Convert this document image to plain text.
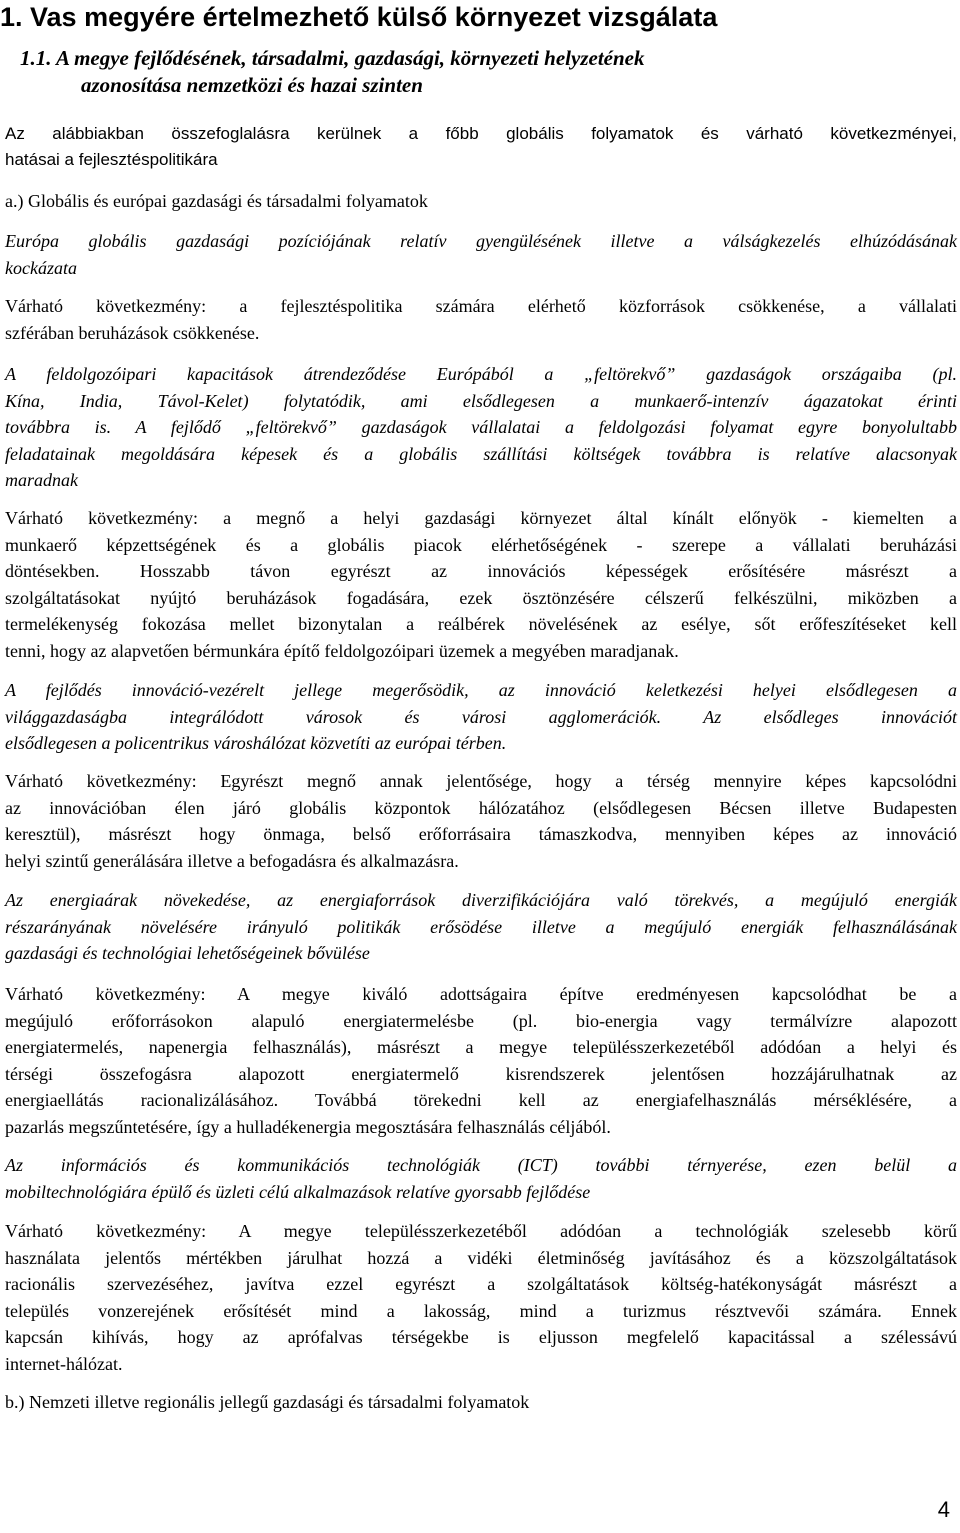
1. Vas megyére értelmezhető külső környezet vizsgálata
1.1. A megye fejlődésének, társadalmi, gazdasági, környezeti helyzetének
azonosítása nemzetközi és hazai szinten
Az alábbiakban összefoglalásra kerülnek a főbb globális folyamatok és várható következményei,
hatásai a fejlesztéspolitikára
a.) Globális és európai gazdasági és társadalmi folyamatok
Európa globális gazdasági pozíciójának relatív gyengülésének illetve a válságkezelés elhúzódásának
kockázata
Várható következmény: a fejlesztéspolitika számára elérhető közforrások csökkenése, a vállalati
szférában beruházások csökkenése.
A feldolgozóipari kapacitások átrendeződése Európából a „feltörekvő” gazdaságok országaiba (pl.
Kína, India, Távol-Kelet) folytatódik, ami elsődlegesen a munkaerő-intenzív ágazatokat érinti
továbbra is. A fejlődő „feltörekvő” gazdaságok vállalatai a feldolgozási folyamat egyre bonyolultabb
feladatainak megoldására képesek és a globális szállítási költségek továbbra is relatíve alacsonyak
maradnak
Várható következmény: a megnő a helyi gazdasági környezet által kínált előnyök - kiemelten a
munkaerő képzettségének és a globális piacok elérhetőségének - szerepe a vállalati beruházási
döntésekben. Hosszabb távon egyrészt az innovációs képességek erősítésére másrészt a
szolgáltatásokat nyújtó beruházások fogadására, ezek ösztönzésére célszerű felkészülni, miközben a
termelékenység fokozása mellet bizonytalan a reálbérek növelésének az esélye, sőt erőfeszítéseket kell
tenni, hogy az alapvetően bérmunkára építő feldolgozóipari üzemek a megyében maradjanak.
A fejlődés innováció-vezérelt jellege megerősödik, az innováció keletkezési helyei elsődlegesen a
világgazdaságba integrálódott városok és városi agglomerációk. Az elsődleges innovációt
elsődlegesen a policentrikus városhálózat közvetíti az európai térben.
Várható következmény: Egyrészt megnő annak jelentősége, hogy a térség mennyire képes kapcsolódni
az innovációban élen járó globális központok hálózatához (elsődlegesen Bécsen illetve Budapesten
keresztül), másrészt hogy önmaga, belső erőforrásaira támaszkodva, mennyiben képes az innováció
helyi szintű generálására illetve a befogadásra és alkalmazásra.
Az energiaárak növekedése, az energiaforrások diverzifikációjára való törekvés, a megújuló energiák
részarányának növelésére irányuló politikák erősödése illetve a megújuló energiák felhasználásának
gazdasági és technológiai lehetőségeinek bővülése
Várható következmény: A megye kiváló adottságaira építve eredményesen kapcsolódhat be a
megújuló erőforrásokon alapuló energiatermelésbe (pl. bio-energia vagy termálvízre alapozott
energiatermelés, napenergia felhasználás), másrészt a megye településszerkezetéből adódóan a helyi és
térségi összefogásra alapozott energiatermelő kisrendszerek jelentősen hozzájárulhatnak az
energiaellátás racionalizálásához. Továbbá törekedni kell az energiafelhasználás mérséklésére, a
pazarlás megszűntetésére, így a hulladékenergia megosztására felhasználás céljából.
Az információs és kommunikációs technológiák (ICT) további térnyerése, ezen belül a
mobiltechnológiára épülő és üzleti célú alkalmazások relatíve gyorsabb fejlődése
Várható következmény: A megye településszerkezetéből adódóan a technológiák szelesebb körű
használata jelentős mértékben járulhat hozzá a vidéki életminőség javításához és a közszolgáltatások
racionális szervezéséhez, javítva ezzel egyrészt a szolgáltatások költség-hatékonyságát másrészt a
település vonzerejének erősítését mind a lakosság, mind a turizmus résztvevői számára. Ennek
kapcsán kihívás, hogy az aprófalvas térségekbe is eljusson megfelelő kapacitással a szélessávú
internet-hálózat.
b.) Nemzeti illetve regionális jellegű gazdasági és társadalmi folyamatok
4
